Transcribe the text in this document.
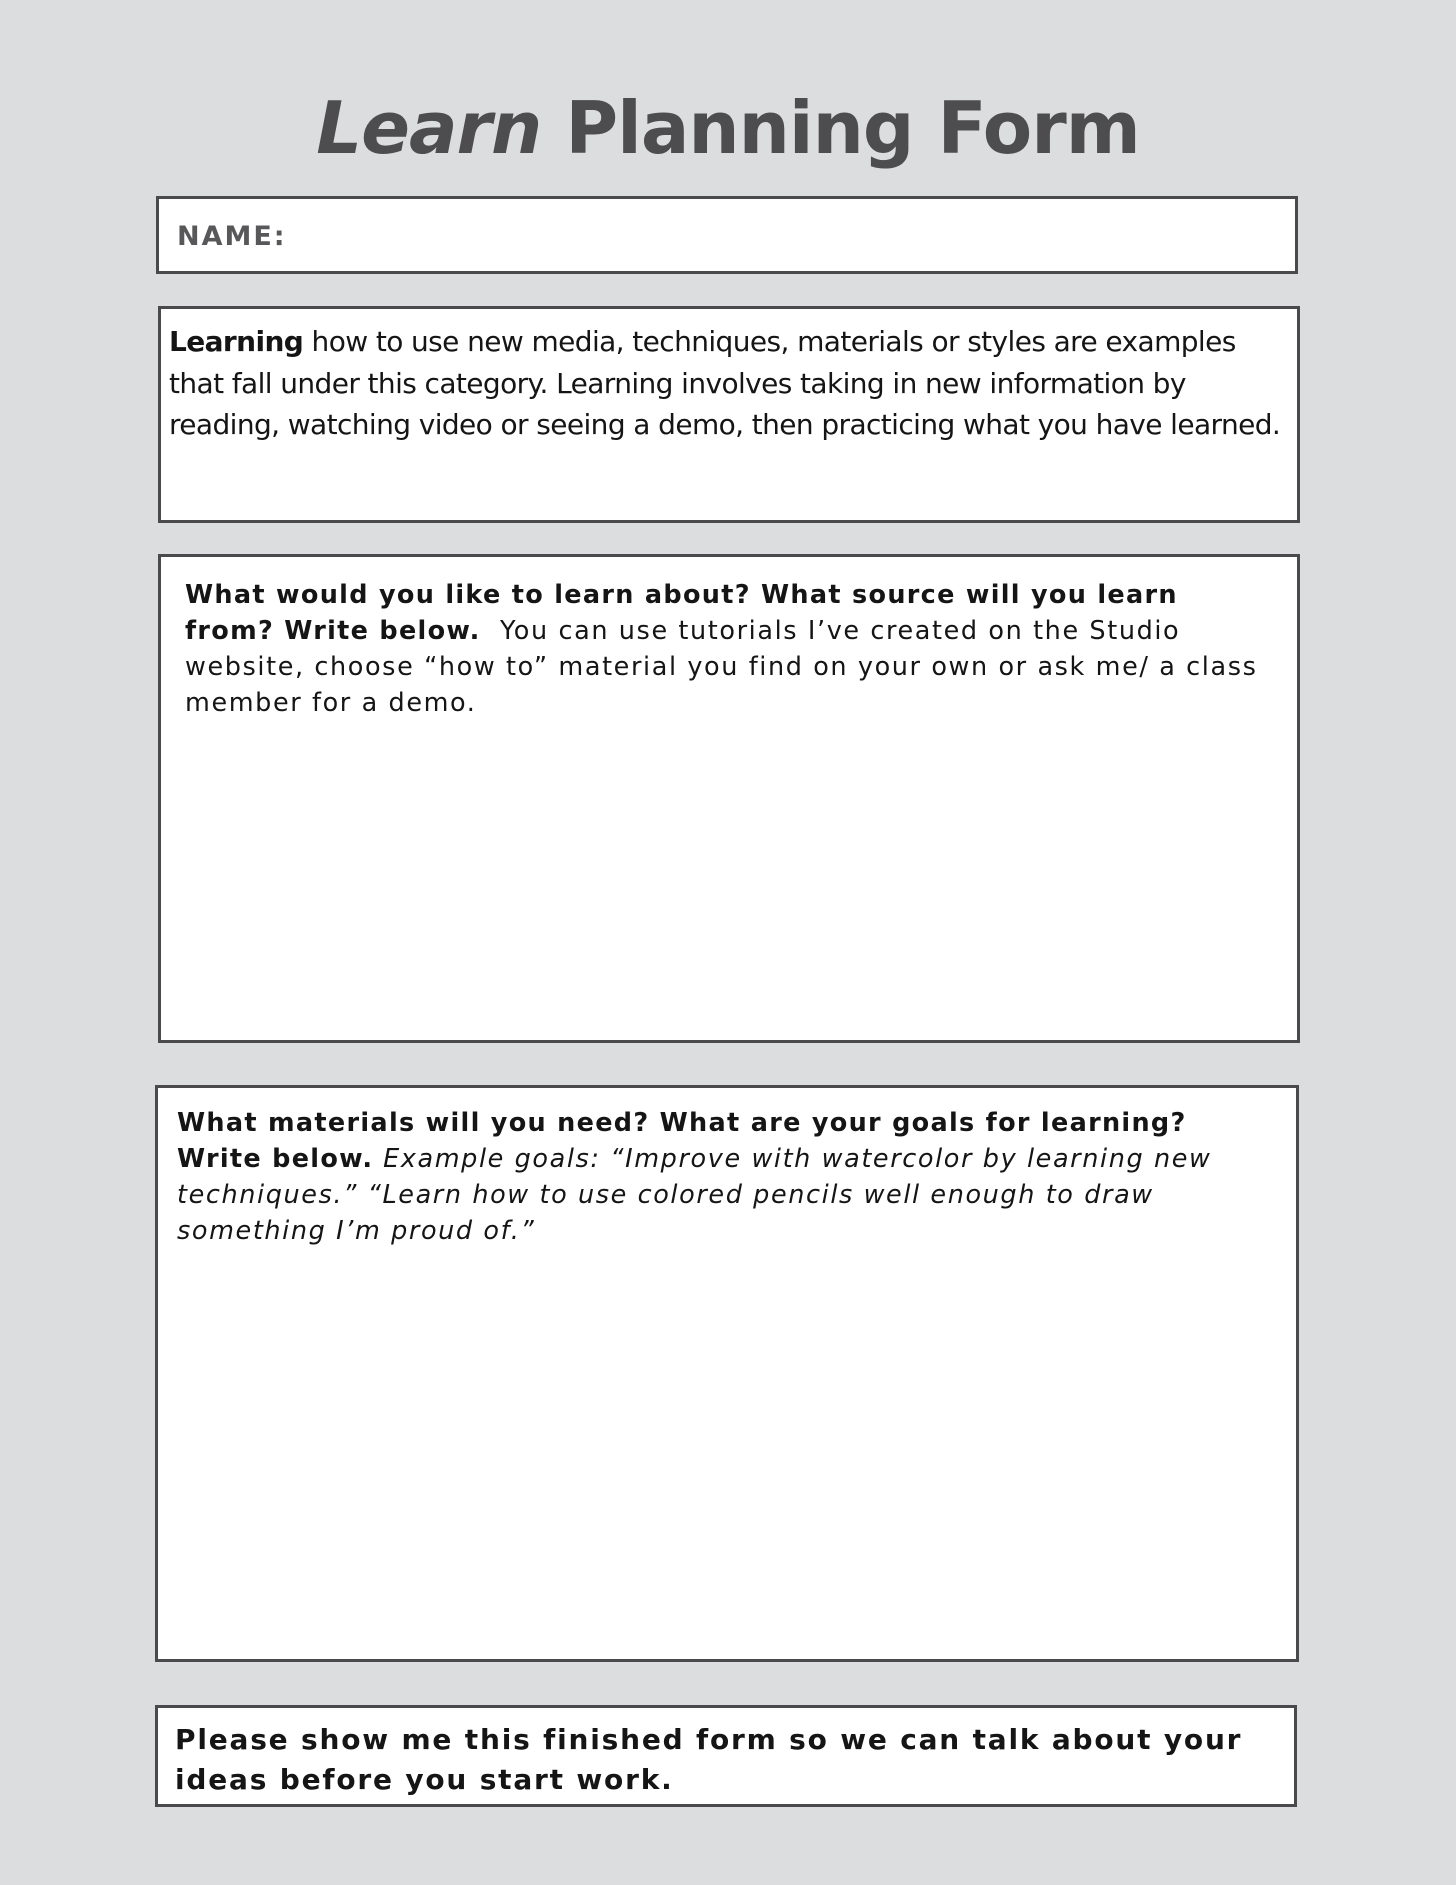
Learn Planning Form
NAME:
Learning how to use new media, techniques, materials or styles are examples that fall under this category. Learning involves taking in new information by reading, watching video or seeing a demo, then practicing what you have learned.
What would you like to learn about? What source will you learn from? Write below.  You can use tutorials I’ve created on the Studio website, choose “how to” material you find on your own or ask me/ a class member for a demo.
What materials will you need? What are your goals for learning? Write below. Example goals: “Improve with watercolor by learning new techniques.” “Learn how to use colored pencils well enough to draw something I’m proud of.”
Please show me this finished form so we can talk about your ideas before you start work.
